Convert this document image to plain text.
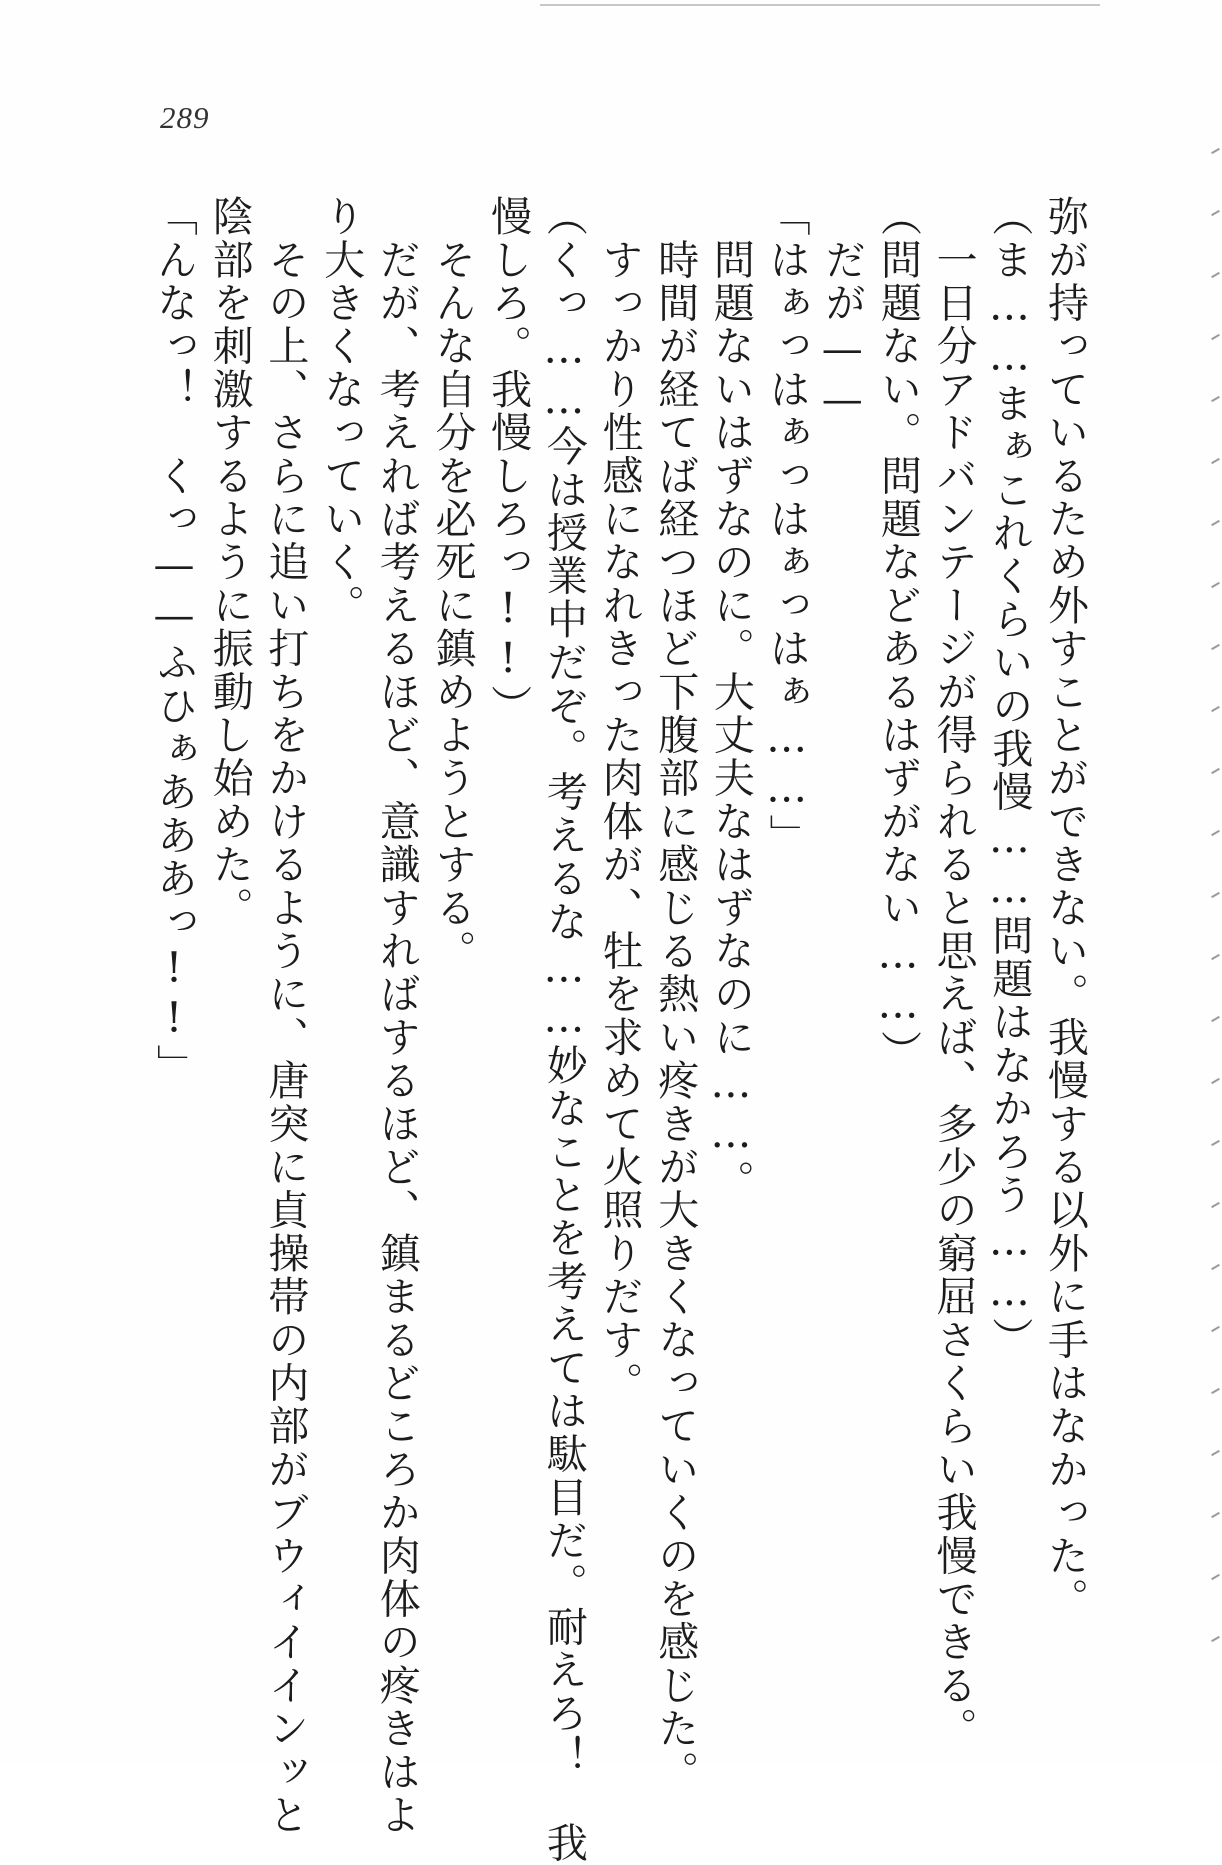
289
弥が持っているため外すことができない。我慢する以外に手はなかった。
（ま……まぁこれくらいの我慢……問題はなかろう……）
　一日分アドバンテージが得られると思えば、多少の窮屈さくらい我慢できる。
（問題ない。問題などあるはずがない……）
　だが——
「はぁっはぁっはぁっはぁ……」
　問題ないはずなのに。大丈夫なはずなのに……。
　時間が経てば経つほど下腹部に感じる熱い疼きが大きくなっていくのを感じた。
　すっかり性感になれきった肉体が、牡を求めて火照りだす。
（くっ……今は授業中だぞ。考えるな……妙なことを考えては駄目だ。耐えろ！　我
慢しろ。我慢しろっ!!）
　そんな自分を必死に鎮めようとする。
　だが、考えれば考えるほど、意識すればするほど、鎮まるどころか肉体の疼きはよ
り大きくなっていく。
　その上、さらに追い打ちをかけるように、唐突に貞操帯の内部がブウィイインッと
陰部を刺激するように振動し始めた。
「んなっ！　くっ——ふひぁあああっ!!」
